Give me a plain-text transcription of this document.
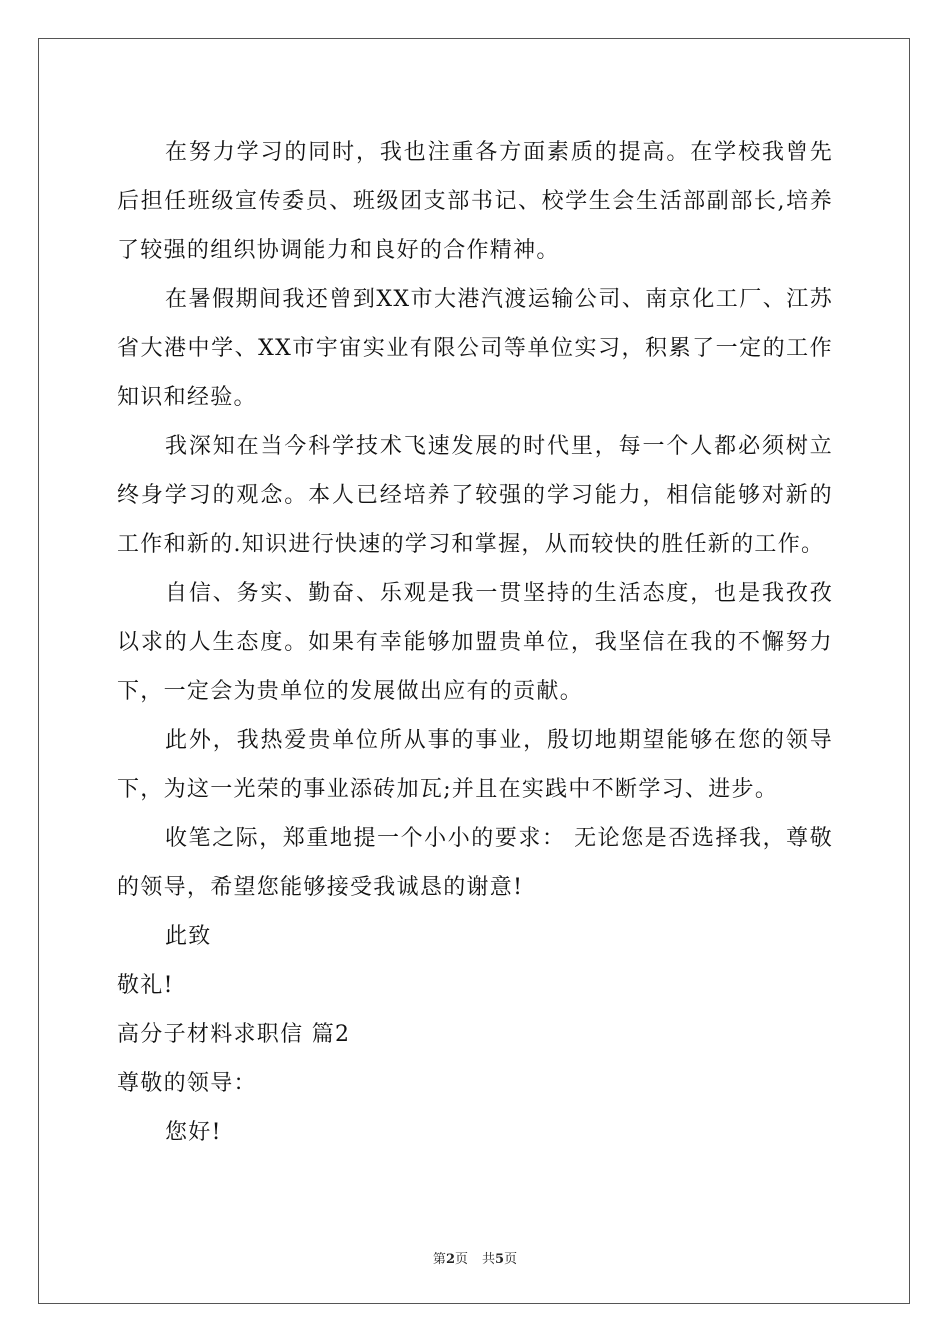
在努力学习的同时，我也注重各方面素质的提高。在学校我曾先后担任班级宣传委员、班级团支部书记、校学生会生活部副部长,培养了较强的组织协调能力和良好的合作精神。

在暑假期间我还曾到XX市大港汽渡运输公司、南京化工厂、江苏省大港中学、XX市宇宙实业有限公司等单位实习，积累了一定的工作知识和经验。

我深知在当今科学技术飞速发展的时代里，每一个人都必须树立终身学习的观念。本人已经培养了较强的学习能力，相信能够对新的工作和新的.知识进行快速的学习和掌握，从而较快的胜任新的工作。

自信、务实、勤奋、乐观是我一贯坚持的生活态度，也是我孜孜以求的人生态度。如果有幸能够加盟贵单位，我坚信在我的不懈努力下，一定会为贵单位的发展做出应有的贡献。

此外，我热爱贵单位所从事的事业，殷切地期望能够在您的领导下，为这一光荣的事业添砖加瓦;并且在实践中不断学习、进步。

收笔之际，郑重地提一个小小的要求： 无论您是否选择我，尊敬的领导，希望您能够接受我诚恳的谢意!

此致

敬礼!

高分子材料求职信 篇2

尊敬的领导：

您好!

第2页 共5页
